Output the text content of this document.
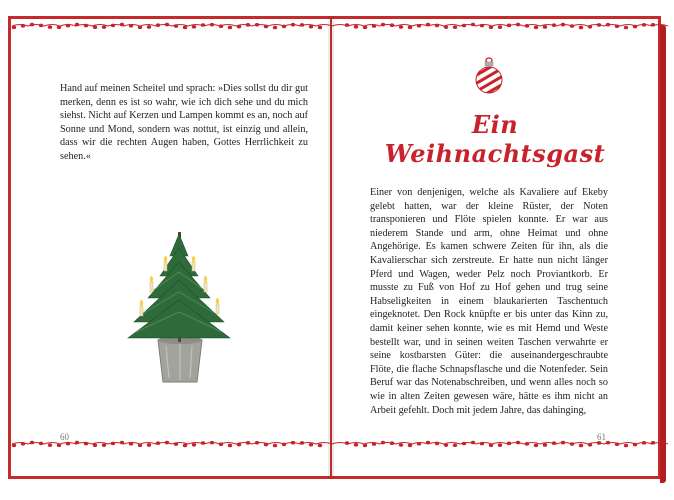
Hand auf meinen Scheitel und sprach: »Dies sollst du dir gut merken, denn es ist so wahr, wie ich dich sehe und du mich siehst. Nicht auf Kerzen und Lampen kommt es an, noch auf Sonne und Mond, sondern was nottut, ist einzig und allein, dass wir die rechten Augen haben, Gottes Herrlichkeit zu sehen.«

60
Ein Weihnachtsgast

Einer von denjenigen, welche als Kavaliere auf Ekeby gelebt hatten, war der kleine Rüster, der Noten transponieren und Flöte spielen konnte. Er war aus niederem Stande und arm, ohne Heimat und ohne Angehörige. Es kamen schwere Zeiten für ihn, als die Kavalierschar sich zerstreute. Er hatte nun nicht länger Pferd und Wagen, weder Pelz noch Proviantkorb. Er musste zu Fuß von Hof zu Hof gehen und trug seine Habseligkeiten in einem blaukarierten Taschentuch eingeknotet. Den Rock knüpfte er bis unter das Kinn zu, damit keiner sehen konnte, wie es mit Hemd und Weste bestellt war, und in seinen weiten Taschen verwahrte er seine kostbarsten Güter: die auseinandergeschraubte Flöte, die flache Schnapsflasche und die Notenfeder. Sein Beruf war das Notenabschreiben, und wenn alles noch so wie in alten Zeiten gewesen wäre, hätte es ihm nicht an Arbeit gefehlt. Doch mit jedem Jahre, das dahinging,

61
